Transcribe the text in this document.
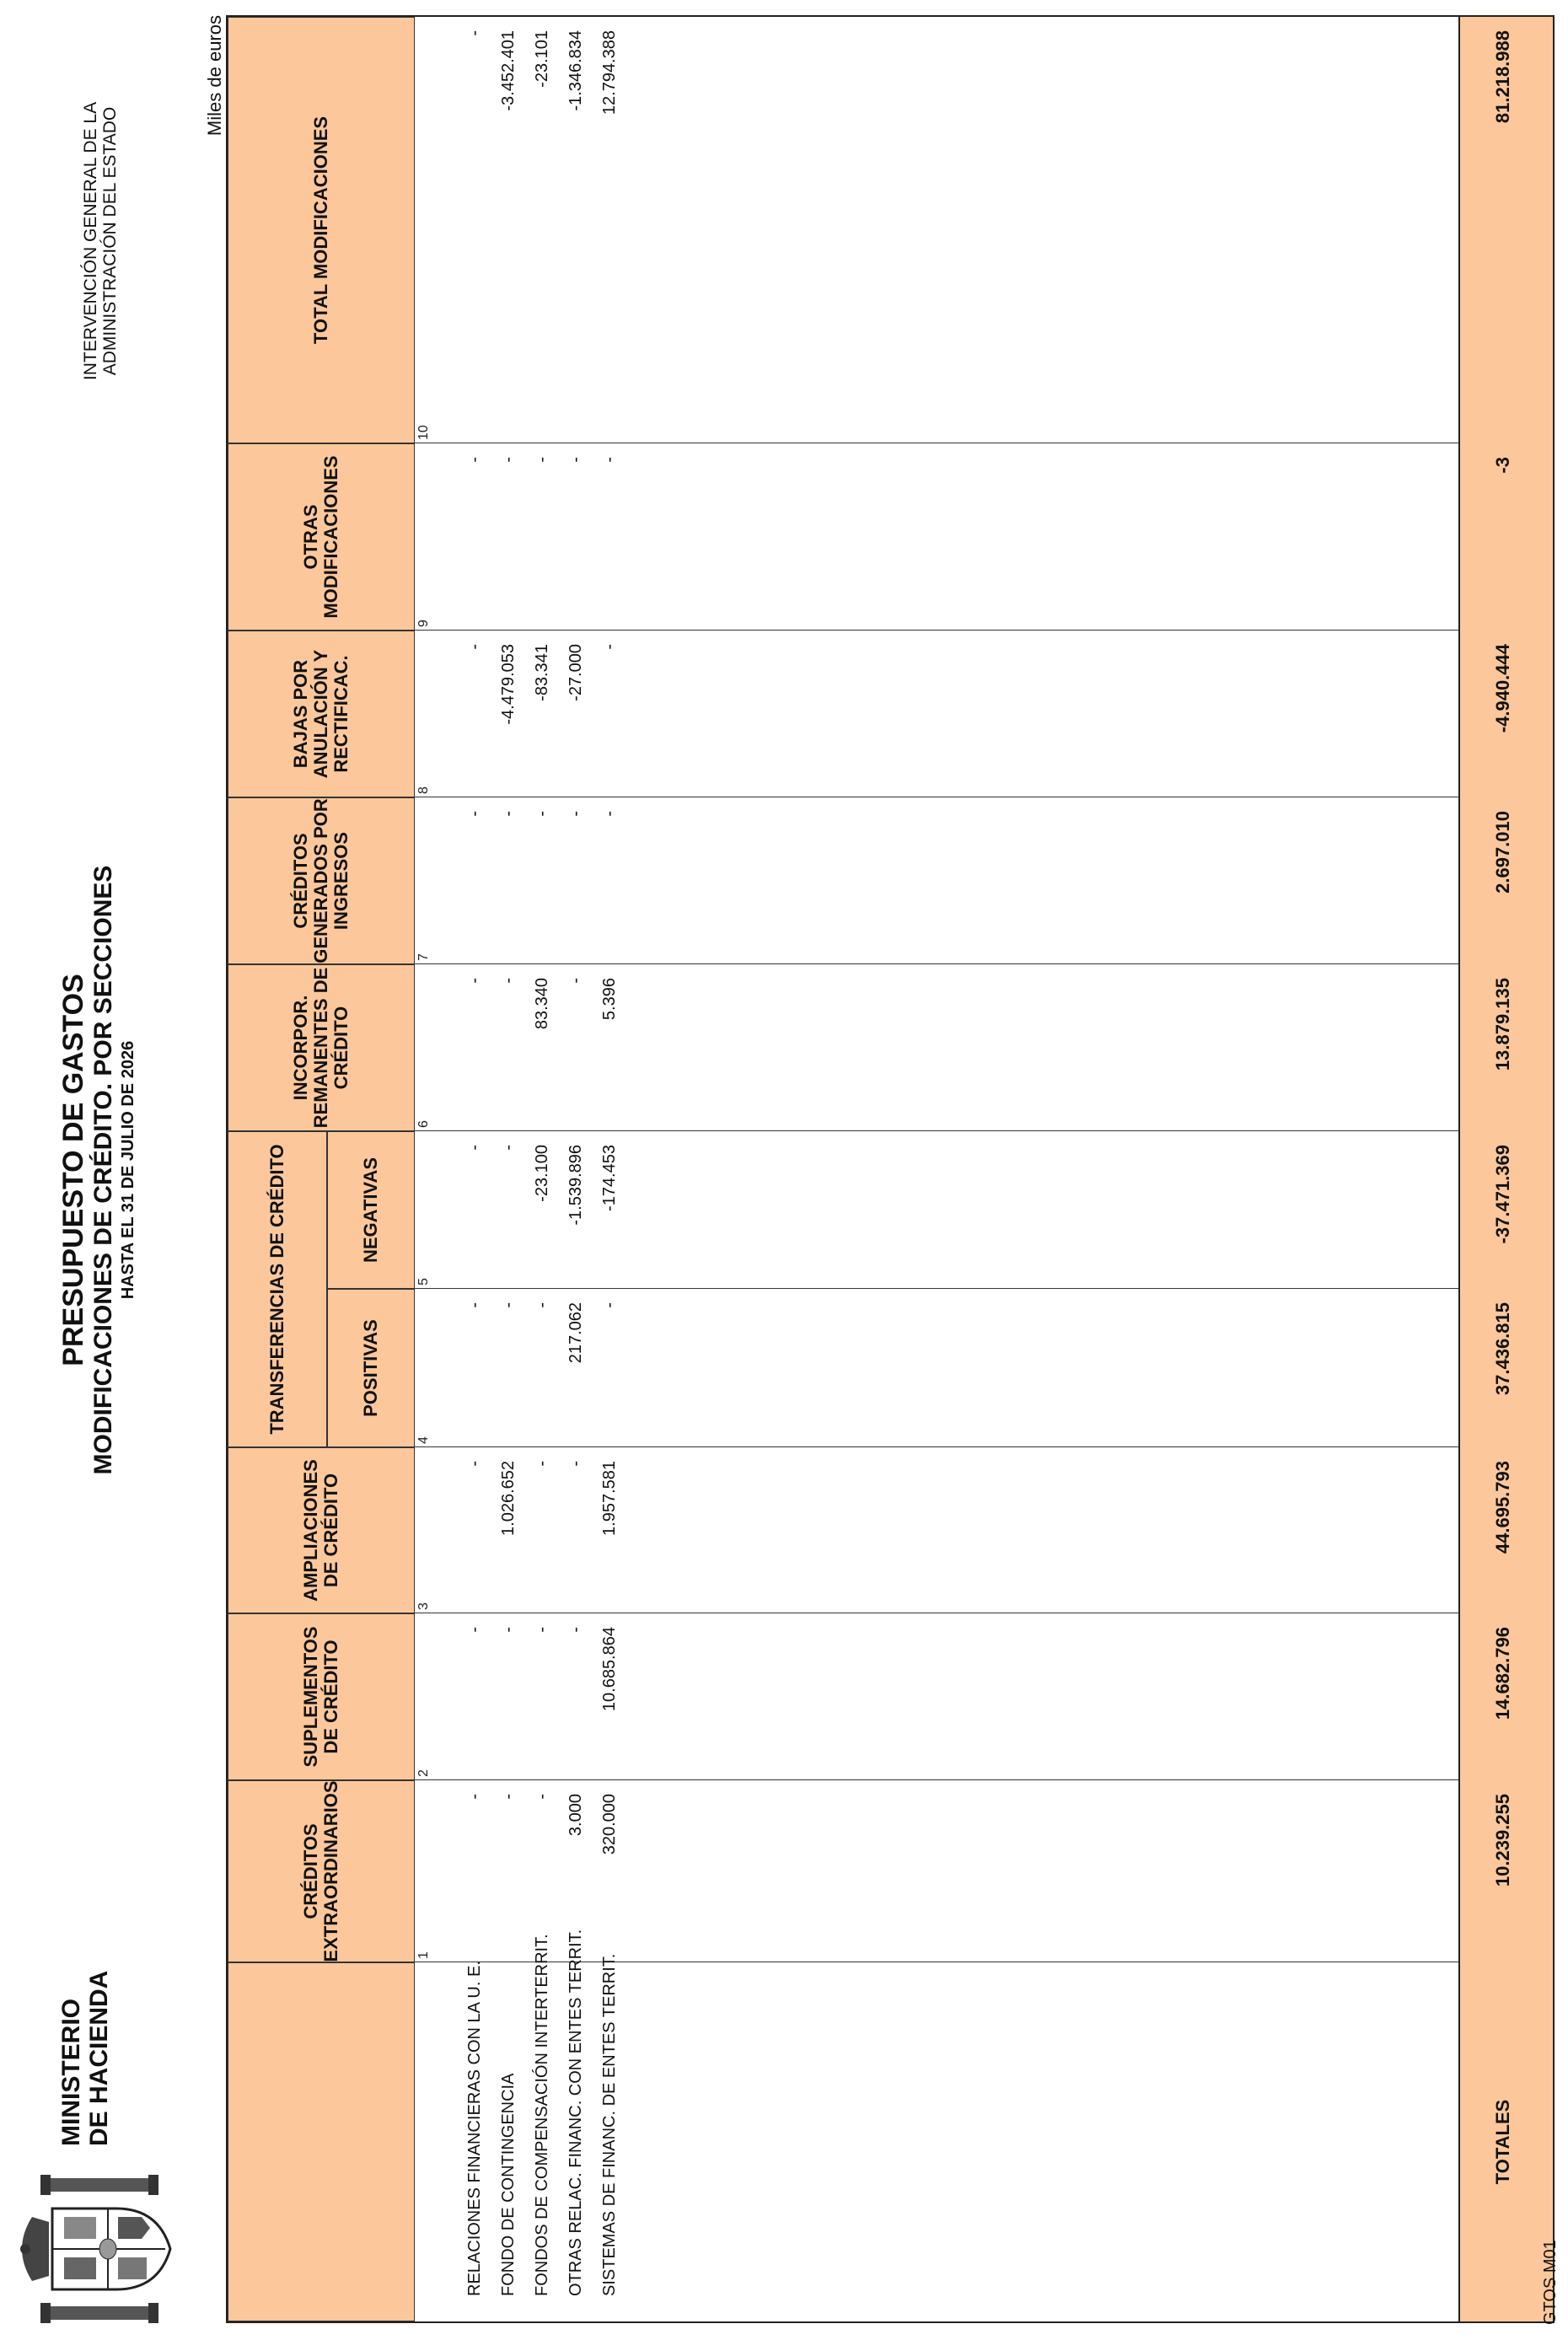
MINISTERIO DE HACIENDA
PRESUPUESTO DE GASTOS MODIFICACIONES DE CRÉDITO. POR SECCIONES HASTA EL 31 DE JULIO DE 2026
INTERVENCIÓN GENERAL DE LA ADMINISTRACIÓN DEL ESTADO
Miles de euros
CRÉDITOS EXTRAORDINARIOS
SUPLEMENTOS DE CRÉDITO
AMPLIACIONES DE CRÉDITO
TRANSFERENCIAS DE CRÉDITO	POSITIVAS
NEGATIVAS
INCORPOR. REMANENTES DE CRÉDITO
CRÉDITOS GENERADOS POR INGRESOS
BAJAS POR ANULACIÓN Y RECTIFICAC.
OTRAS MODIFICACIONES
TOTAL MODIFICACIONES
1
2
3
4
5
6
7
8
9
10
RELACIONES FINANCIERAS CON LA U. E.
-
-
-
-
-
-
-
-
-
-
FONDO DE CONTINGENCIA
-
-
1.026.652
-
-
-
-
-4.479.053
-
-3.452.401
FONDOS DE COMPENSACIÓN INTERTERRIT.
-
-
-
-
-23.100
83.340
-
-83.341
-
-23.101
OTRAS RELAC. FINANC. CON ENTES TERRIT.
3.000
-
-
217.062
-1.539.896
-
-
-27.000
-
-1.346.834
SISTEMAS DE FINANC. DE ENTES TERRIT.
320.000
10.685.864
1.957.581
-
-174.453
5.396
-
-
-
12.794.388
TOTALES
10.239.255
14.682.796
44.695.793
37.436.815
-37.471.369
13.879.135
2.697.010
-4.940.444
-3
81.218.988
GTOS M01
